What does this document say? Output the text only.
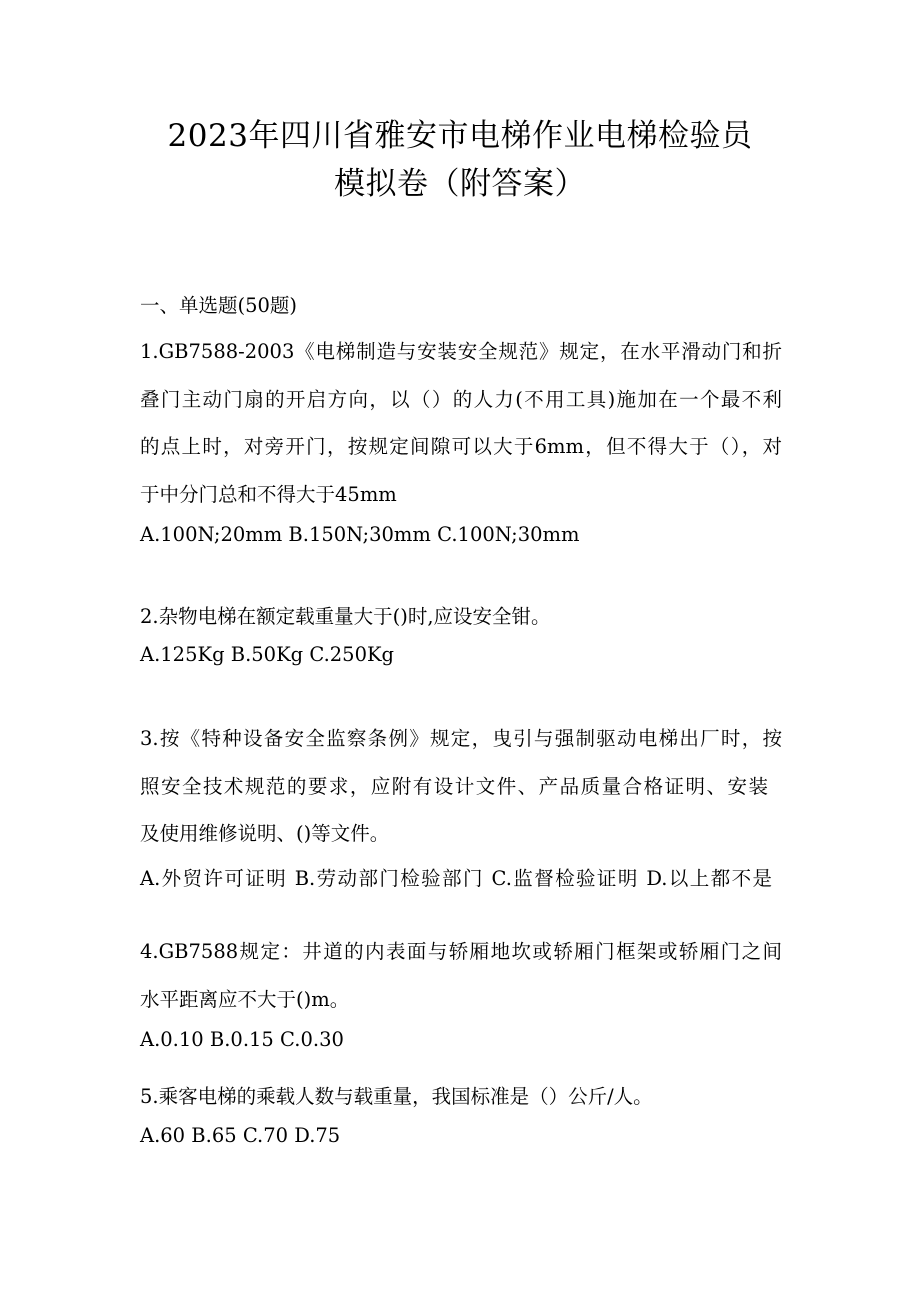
2023年四川省雅安市电梯作业电梯检验员
模拟卷（附答案）
一、单选题(50题)
1.GB7588-2003《电梯制造与安装安全规范》规定，在水平滑动门和折
叠门主动门扇的开启方向，以（）的人力(不用工具)施加在一个最不利
的点上时，对旁开门，按规定间隙可以大于6mm，但不得大于（），对
于中分门总和不得大于45mm
A.100N;20mm B.150N;30mm C.100N;30mm
2.杂物电梯在额定载重量大于()时,应设安全钳。
A.125Kg B.50Kg C.250Kg
3.按《特种设备安全监察条例》规定，曳引与强制驱动电梯出厂时，按
照安全技术规范的要求，应附有设计文件、产品质量合格证明、安装
及使用维修说明、()等文件。
A.外贸许可证明 B.劳动部门检验部门 C.监督检验证明 D.以上都不是
4.GB7588规定：井道的内表面与轿厢地坎或轿厢门框架或轿厢门之间
水平距离应不大于()m。
A.0.10 B.0.15 C.0.30
5.乘客电梯的乘载人数与载重量，我国标准是（）公斤/人。
A.60 B.65 C.70 D.75
